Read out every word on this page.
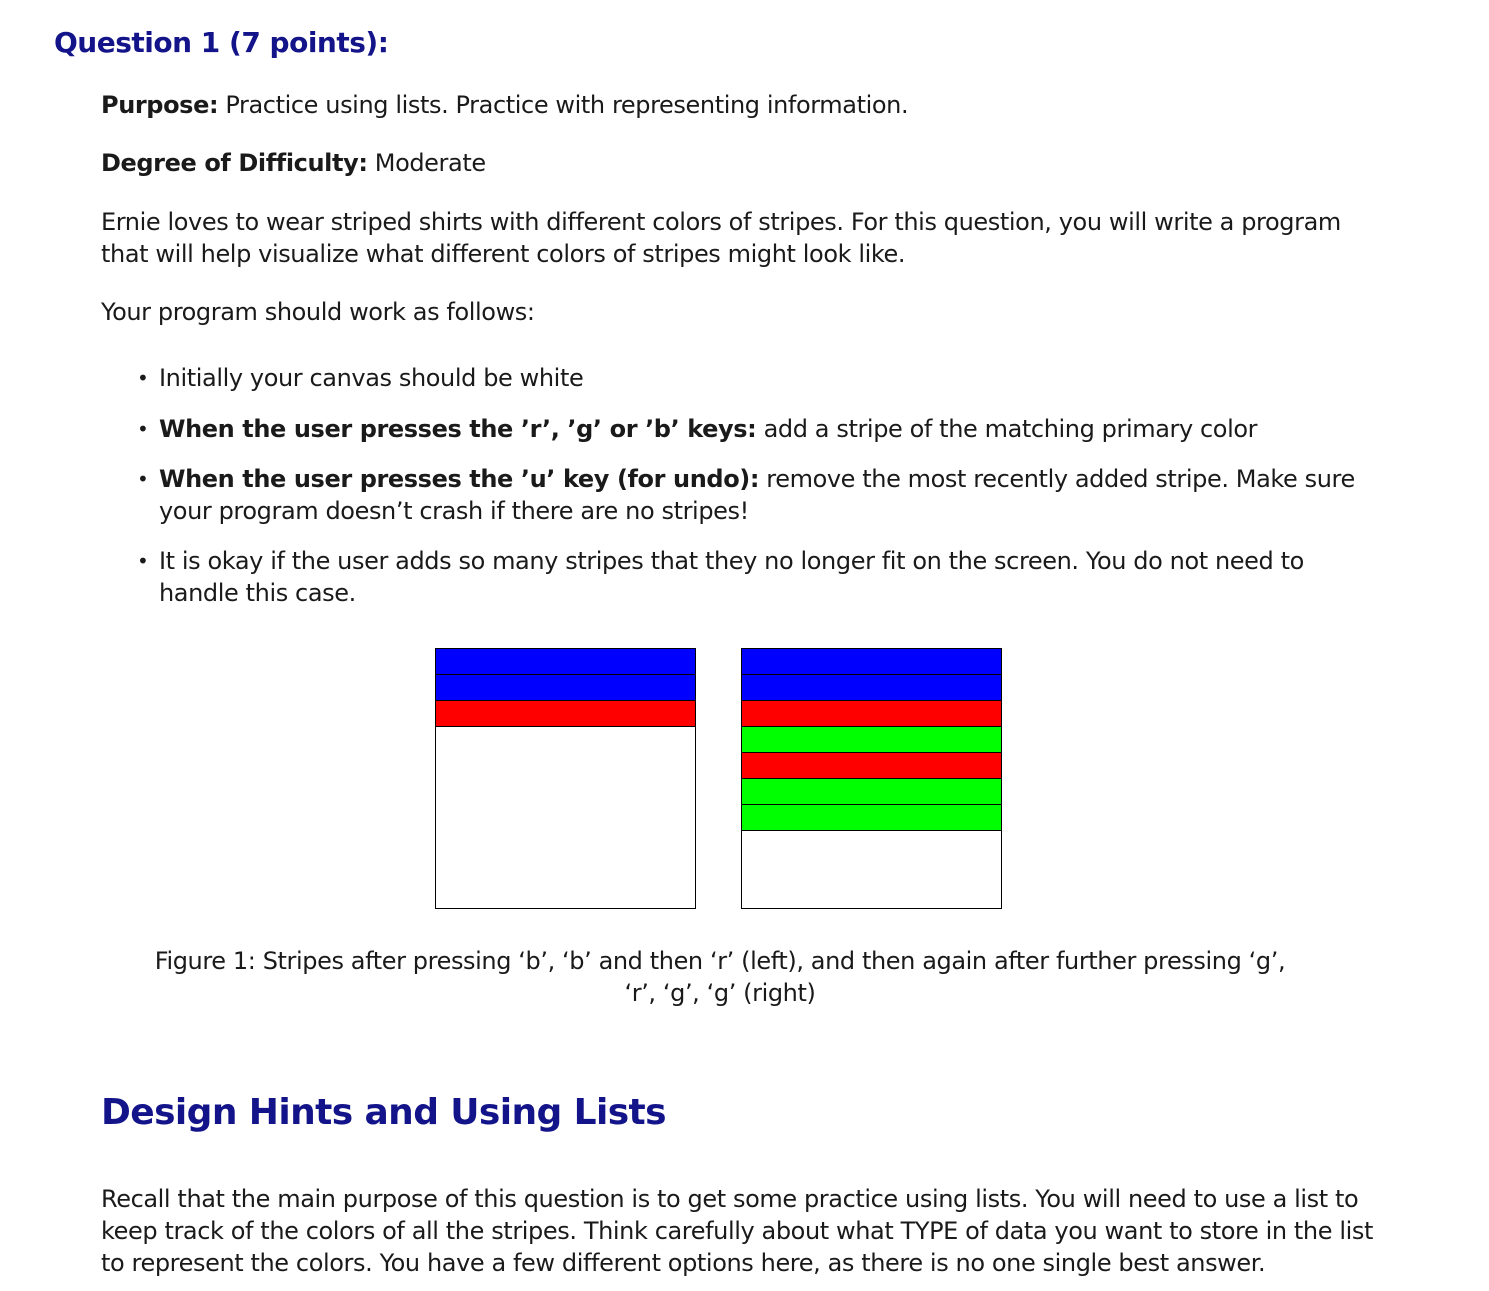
Question 1 (7 points):

Purpose: Practice using lists. Practice with representing information.

Degree of Difficulty: Moderate

Ernie loves to wear striped shirts with different colors of stripes. For this question, you will write a program that will help visualize what different colors of stripes might look like.

Your program should work as follows:

• Initially your canvas should be white
• When the user presses the ’r’, ’g’ or ’b’ keys: add a stripe of the matching primary color
• When the user presses the ’u’ key (for undo): remove the most recently added stripe. Make sure your program doesn’t crash if there are no stripes!
• It is okay if the user adds so many stripes that they no longer fit on the screen. You do not need to handle this case.

Figure 1: Stripes after pressing ‘b’, ‘b’ and then ‘r’ (left), and then again after further pressing ‘g’, ‘r’, ‘g’, ‘g’ (right)

Design Hints and Using Lists

Recall that the main purpose of this question is to get some practice using lists. You will need to use a list to keep track of the colors of all the stripes. Think carefully about what TYPE of data you want to store in the list to represent the colors. You have a few different options here, as there is no one single best answer.
